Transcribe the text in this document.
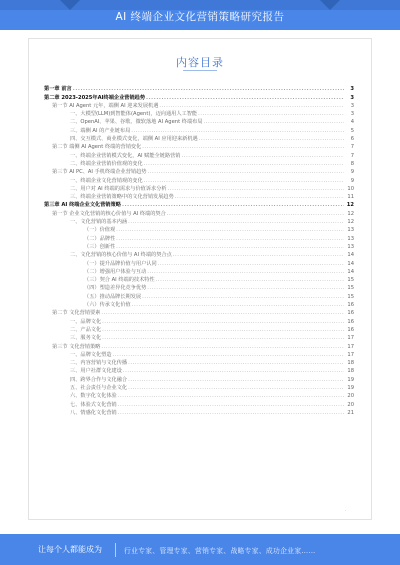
AI 终端企业文化营销策略研究报告
内容目录
第一章 前言 .....	3
第二章 2023-2025年AI终端企业营销趋势 .....	3
第一节 AI Agent 元年，端侧 AI 迎来发展机遇 .....	3
一、大模型(LLM)到智能体(Agent)，迈向通用人工智能 .....	3
二、OpenAI、苹果、谷歌、微软落地 AI Agent 终端布局 .....	4
三、端侧 AI 的产业链布局 .....	5
四、交互模式、商业模式变化，端侧 AI 应用迎来新机遇 .....	6
第二节 端侧 AI Agent 终端的营销变化 .....	7
一、终端企业营销模式变化，AI 赋能全链路营销 .....	7
二、终端企业营销价值观的变化 .....	8
第三节 AI PC、AI 手机终端企业营销趋势 .....	9
一、终端企业文化营销观的变化 .....	9
二、用户对 AI 终端的需求与价值诉求分析 .....	10
三、终端企业营销策略中的文化营销发展趋势 .....	11
第三章 AI 终端企业文化营销策略 .....	12
第一节 企业文化营销的核心价值与 AI 终端的契合 .....	12
一、文化营销的基本内涵 .....	12
（一）价值观 .....	13
（二）品牌性 .....	13
（三）创新性 .....	13
二、文化营销的核心价值与 AI 终端的契合点 .....	14
（一）提升品牌价值与用户认同 .....	14
（二）增强用户体验与互动 .....	14
（三）契合 AI 终端的技术特性 .....	15
（四）塑造差异化竞争优势 .....	15
（五）推动品牌长期发展 .....	15
（六）传承文化价值 .....	16
第二节 文化营销要素 .....	16
一、品牌文化 .....	16
二、产品文化 .....	16
三、服务文化 .....	17
第三节 文化营销策略 .....	17
一、品牌文化塑造 .....	17
二、内容营销与文化传播 .....	18
三、用户社群文化建设 .....	18
四、跨界合作与文化融合 .....	19
五、社会责任与企业文化 .....	19
六、数字化文化体验 .....	20
七、体验式文化营销 .....	20
八、情感化文化营销 .....	21
·
让每个人都能成为	行业专家、管理专家、营销专家、战略专家、成功企业家……
